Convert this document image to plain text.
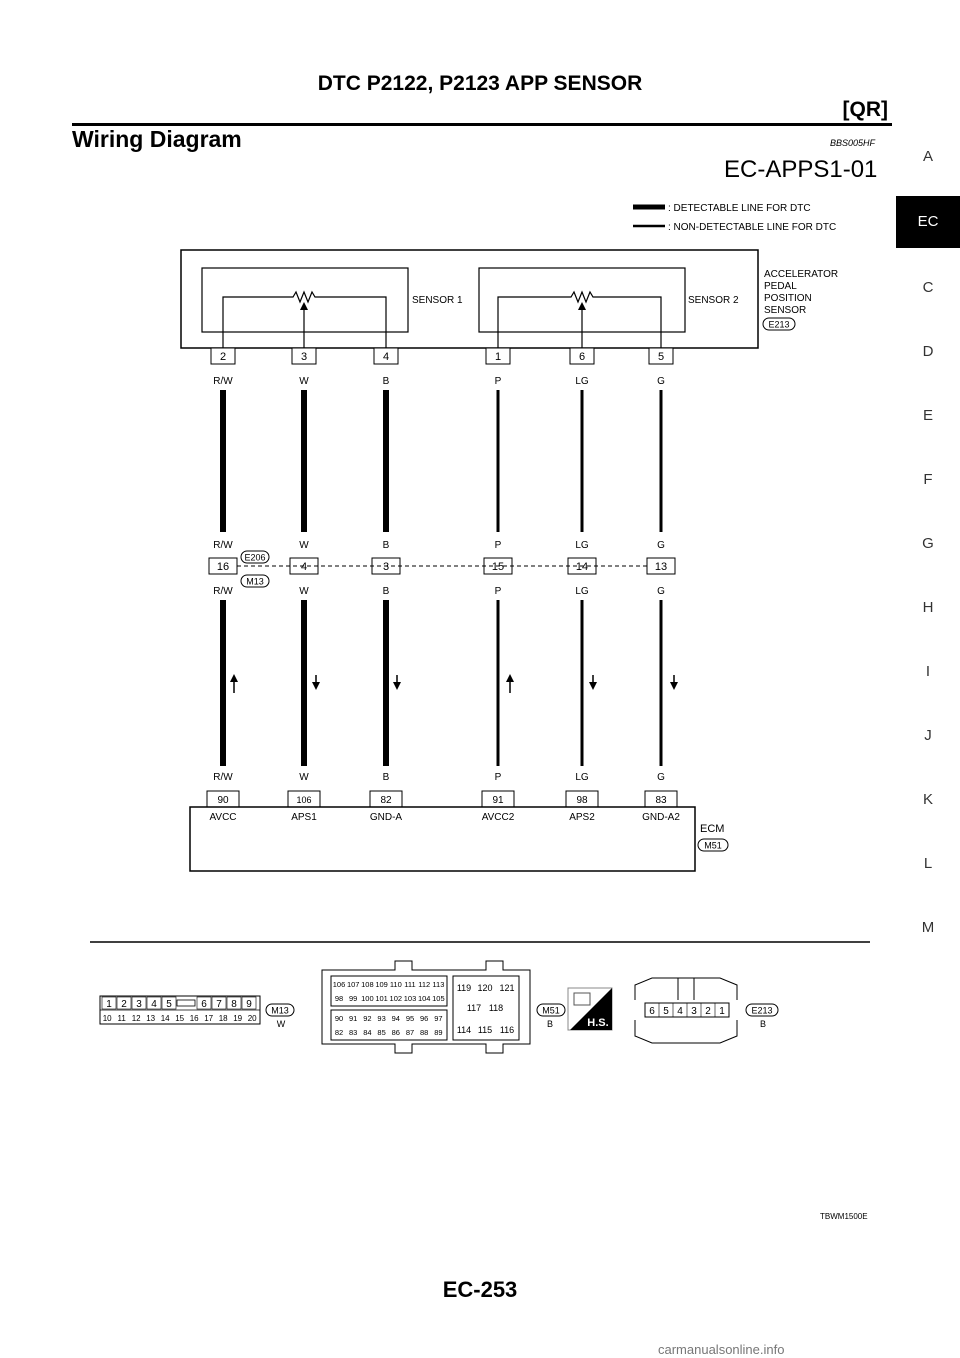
DTC P2122, P2123 APP SENSOR
[QR]
Wiring Diagram	BBS005HF
EC-APPS1-01	A
EC
C
D
E
F
G
H
I
J
K
L
M
: DETECTABLE LINE FOR DTC
: NON-DETECTABLE LINE FOR DTC
SENSOR 1	SENSOR 2
ACCELERATOR
PEDAL
POSITION
SENSOR
E213
2
R/W
R/W
16
R/W
R/W
90
AVCC
3
W
W
4
W
W
106
APS1
4
B
B
3
B
B
82
GND-A
1
P
P
15
P
P
91
AVCC2
6
LG
LG
14
LG
LG
98
APS2
5
G
G
13
G
G
83
GND-A2
E206
M13
ECM
M51
1 2 3 4 5	6 7 8 9
10 11 12 13 14 15 16 17 18 19 20
M13
W
106 107 108 109 110 111 112 113
98 99 100 101 102 103 104 105
90 91 92 93 94 95 96 97
82 83 84 85 86 87 88 89
119 120 121
117 118
114 115 116
M51
B	H.S.
6 5 4 3 2 1	E213
B
TBWM1500E
EC-253
carmanualsonline.info
